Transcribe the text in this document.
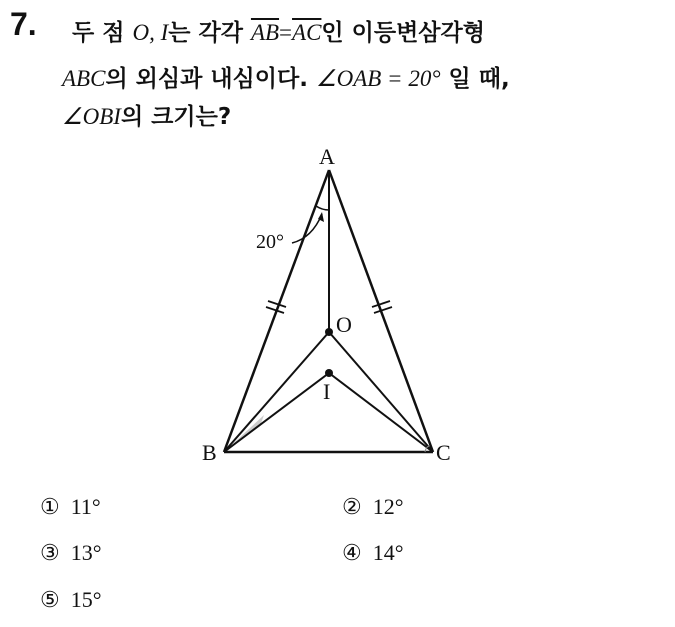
7. 두 점 O, I는 각각 $\overline{AB}=\overline{AC}$인 이등변삼각형
ABC의 외심과 내심이다. ∠OAB = 20° 일 때,
∠OBI의 크기는?
A
B	C
O
I
20°
① 11°	② 12°
③ 13°	④ 14°
⑤ 15°
